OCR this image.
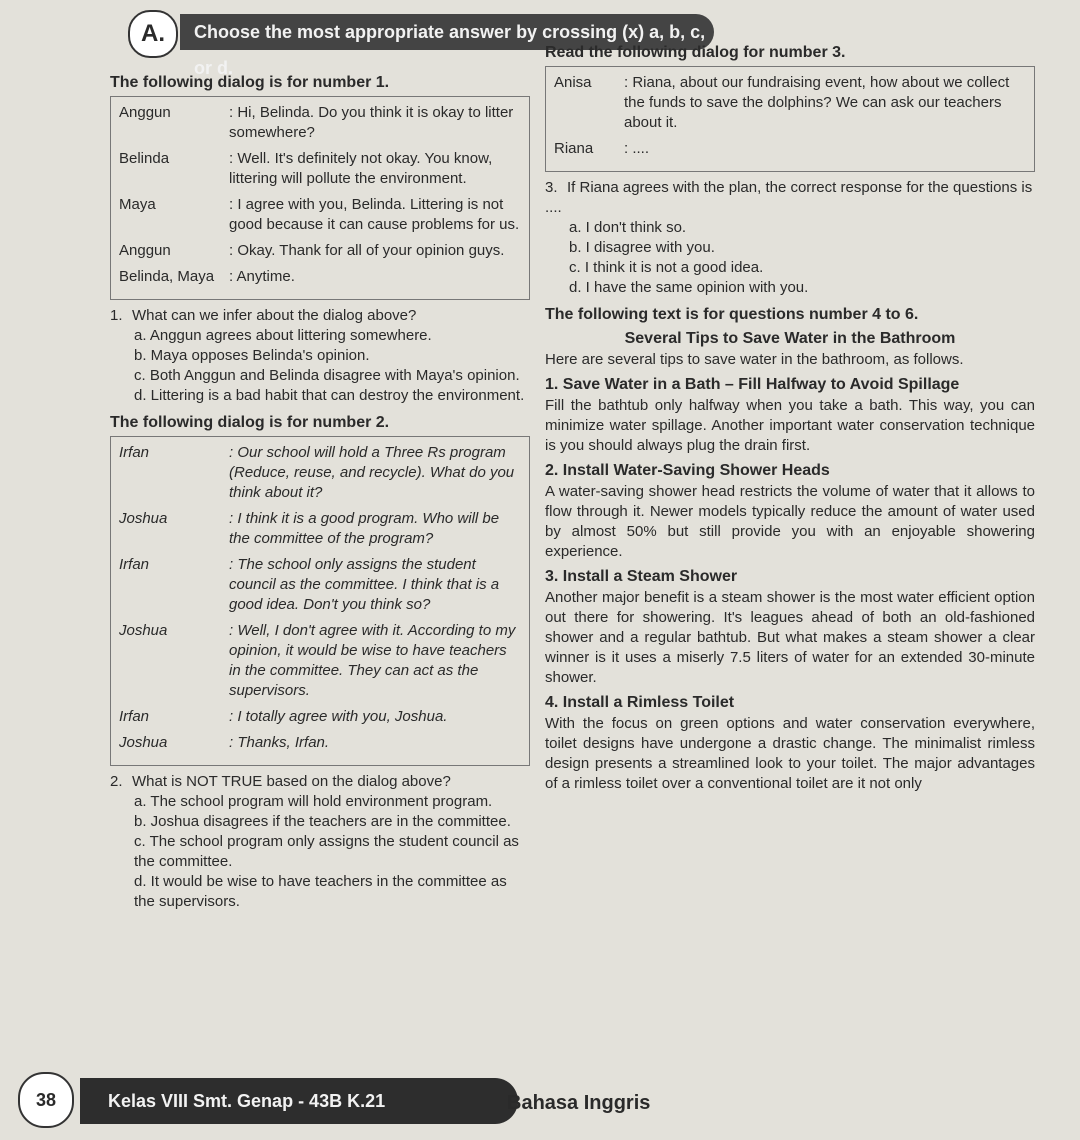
A.	Choose the most appropriate answer by crossing (x) a, b, c, or d.
The following dialog is for number 1.
Anggun	: Hi, Belinda. Do you think it is okay to litter somewhere?
Belinda	: Well. It's definitely not okay. You know, littering will pollute the environment.
Maya	: I agree with you, Belinda. Littering is not good because it can cause problems for us.
Anggun	: Okay. Thank for all of your opinion guys.
Belinda, Maya : Anytime.
1. What can we infer about the dialog above?
a. Anggun agrees about littering somewhere.
b. Maya opposes Belinda's opinion.
c. Both Anggun and Belinda disagree with Maya's opinion.
d. Littering is a bad habit that can destroy the environment.
The following dialog is for number 2.
Irfan	: Our school will hold a Three Rs program (Reduce, reuse, and recycle). What do you think about it?
Joshua	: I think it is a good program. Who will be the committee of the program?
Irfan	: The school only assigns the student council as the committee. I think that is a good idea. Don't you think so?
Joshua	: Well, I don't agree with it. According to my opinion, it would be wise to have teachers in the committee. They can act as the supervisors.
Irfan	: I totally agree with you, Joshua.
Joshua	: Thanks, Irfan.
2. What is NOT TRUE based on the dialog above?
a. The school program will hold environment program.
b. Joshua disagrees if the teachers are in the committee.
c. The school program only assigns the student council as the committee.
d. It would be wise to have teachers in the committee as the supervisors.
Read the following dialog for number 3.
Anisa	: Riana, about our fundraising event, how about we collect the funds to save the dolphins? We can ask our teachers about it.
Riana	: ....
3. If Riana agrees with the plan, the correct response for the questions is ....
a. I don't think so.
b. I disagree with you.
c. I think it is not a good idea.
d. I have the same opinion with you.
The following text is for questions number 4 to 6.
Several Tips to Save Water in the Bathroom
Here are several tips to save water in the bathroom, as follows.
1. Save Water in a Bath – Fill Halfway to Avoid Spillage
Fill the bathtub only halfway when you take a bath. This way, you can minimize water spillage. Another important water conservation technique is you should always plug the drain first.
2. Install Water-Saving Shower Heads
A water-saving shower head restricts the volume of water that it allows to flow through it. Newer models typically reduce the amount of water used by almost 50% but still provide you with an enjoyable showering experience.
3. Install a Steam Shower
Another major benefit is a steam shower is the most water efficient option out there for showering. It's leagues ahead of both an old-fashioned shower and a regular bathtub. But what makes a steam shower a clear winner is it uses a miserly 7.5 liters of water for an extended 30-minute shower.
4. Install a Rimless Toilet
With the focus on green options and water conservation everywhere, toilet designs have undergone a drastic change. The minimalist rimless design presents a streamlined look to your toilet. The major advantages of a rimless toilet over a conventional toilet are it not only
38	Kelas VIII Smt. Genap - 43B K.21	Bahasa Inggris
